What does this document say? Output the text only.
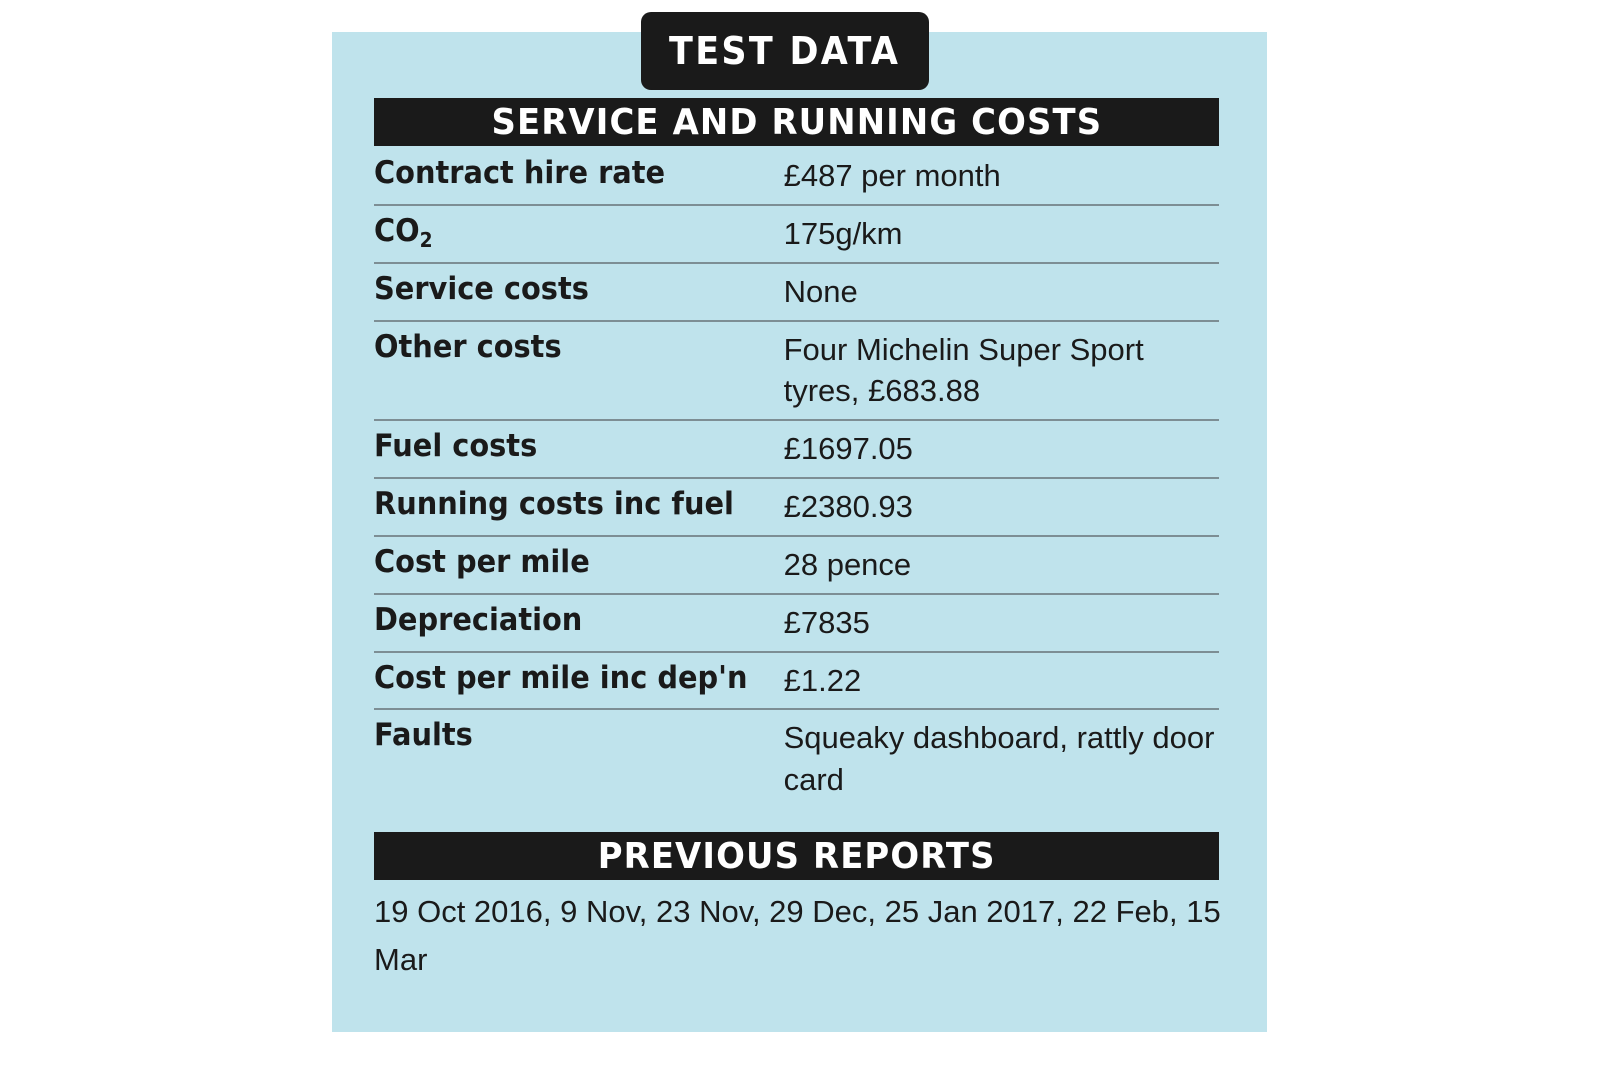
TEST DATA
SERVICE AND RUNNING COSTS
Contract hire rate	£487 per month

$CO_2$	175g/km

Service costs	None

Other costs	Four Michelin Super Sport tyres, £683.88

Fuel costs	£1697.05

Running costs inc fuel	£2380.93

Cost per mile	28 pence

Depreciation	£7835

Cost per mile inc dep'n	£1.22

Faults	Squeaky dashboard, rattly door card
PREVIOUS REPORTS
19 Oct 2016, 9 Nov, 23 Nov, 29 Dec, 25 Jan 2017, 22 Feb, 15 Mar
